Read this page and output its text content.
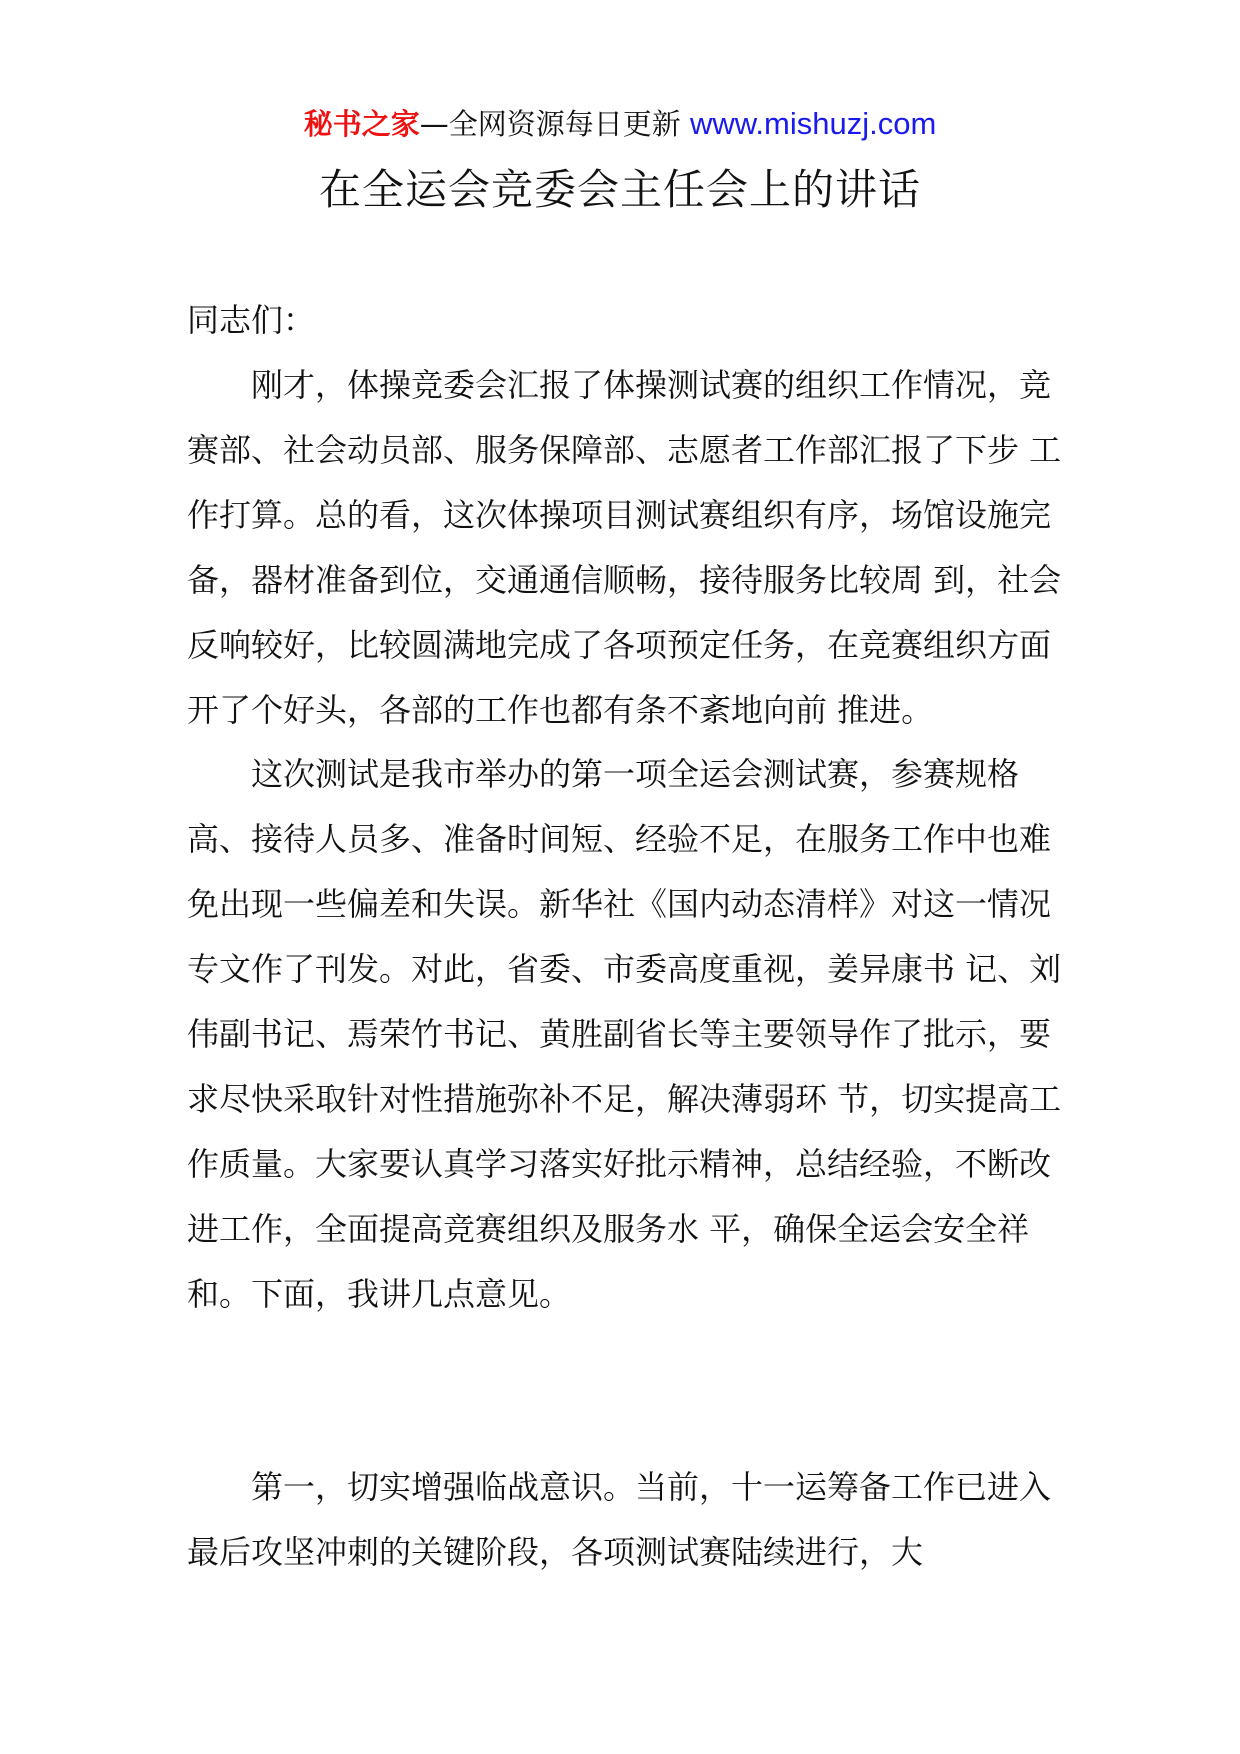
秘书之家—全网资源每日更新 www.mishuzj.com
在全运会竞委会主任会上的讲话

同志们：

刚才，体操竞委会汇报了体操测试赛的组织工作情况，竞赛部、社会动员部、服务保障部、志愿者工作部汇报了下步 工作打算。总的看，这次体操项目测试赛组织有序，场馆设施完备，器材准备到位，交通通信顺畅，接待服务比较周 到，社会反响较好，比较圆满地完成了各项预定任务，在竞赛组织方面开了个好头，各部的工作也都有条不紊地向前 推进。

这次测试是我市举办的第一项全运会测试赛，参赛规格高、接待人员多、准备时间短、经验不足，在服务工作中也难 免出现一些偏差和失误。新华社《国内动态清样》对这一情况专文作了刊发。对此，省委、市委高度重视，姜异康书 记、刘伟副书记、焉荣竹书记、黄胜副省长等主要领导作了批示，要求尽快采取针对性措施弥补不足，解决薄弱环 节，切实提高工作质量。大家要认真学习落实好批示精神，总结经验，不断改进工作，全面提高竞赛组织及服务水 平，确保全运会安全祥和。下面，我讲几点意见。

第一，切实增强临战意识。当前，十一运筹备工作已进入最后攻坚冲刺的关键阶段，各项测试赛陆续进行，大
